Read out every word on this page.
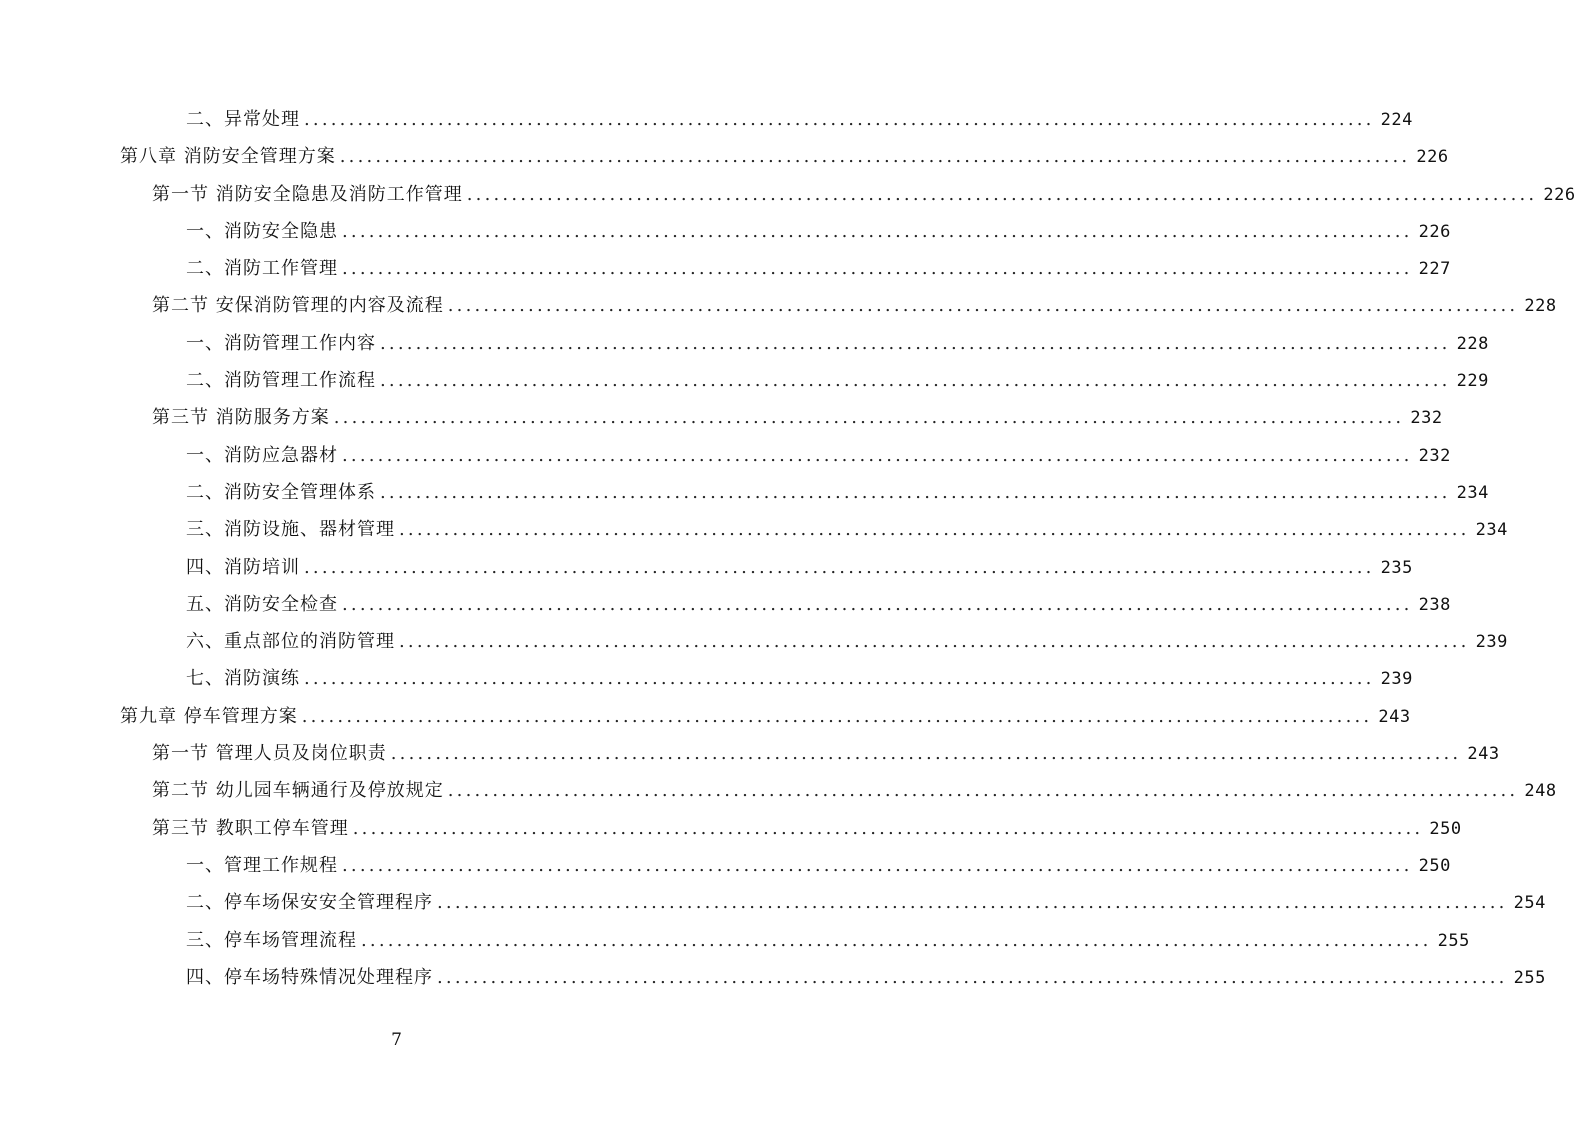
二、异常处理 ........................................................................................................................ 224
第八章 消防安全管理方案 ........................................................................................................................ 226
第一节 消防安全隐患及消防工作管理 ........................................................................................................................ 226
一、消防安全隐患 ........................................................................................................................ 226
二、消防工作管理 ........................................................................................................................ 227
第二节 安保消防管理的内容及流程 ........................................................................................................................ 228
一、消防管理工作内容 ........................................................................................................................ 228
二、消防管理工作流程 ........................................................................................................................ 229
第三节 消防服务方案 ........................................................................................................................ 232
一、消防应急器材 ........................................................................................................................ 232
二、消防安全管理体系 ........................................................................................................................ 234
三、消防设施、器材管理 ........................................................................................................................ 234
四、消防培训 ........................................................................................................................ 235
五、消防安全检查 ........................................................................................................................ 238
六、重点部位的消防管理 ........................................................................................................................ 239
七、消防演练 ........................................................................................................................ 239
第九章 停车管理方案 ........................................................................................................................ 243
第一节 管理人员及岗位职责 ........................................................................................................................ 243
第二节 幼儿园车辆通行及停放规定 ........................................................................................................................ 248
第三节 教职工停车管理 ........................................................................................................................ 250
一、管理工作规程 ........................................................................................................................ 250
二、停车场保安安全管理程序 ........................................................................................................................ 254
三、停车场管理流程 ........................................................................................................................ 255
四、停车场特殊情况处理程序 ........................................................................................................................ 255
7
